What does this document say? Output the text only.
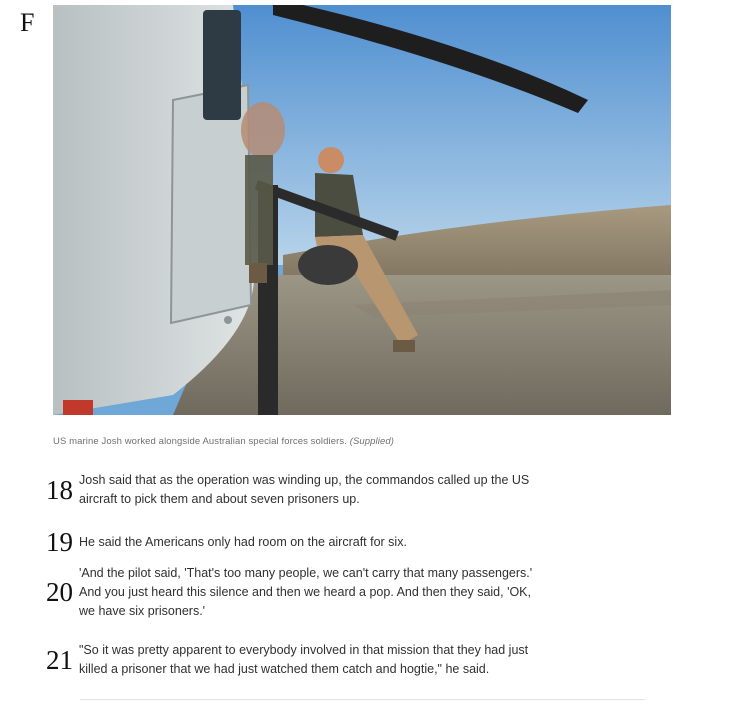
F
US marine Josh worked alongside Australian special forces soldiers. (Supplied)
18 Josh said that as the operation was winding up, the commandos called up the US
aircraft to pick them and about seven prisoners up.
19 He said the Americans only had room on the aircraft for six.
20
'And the pilot said, 'That's too many people, we can't carry that many passengers.'
And you just heard this silence and then we heard a pop. And then they said, 'OK,
we have six prisoners.'
21 "So it was pretty apparent to everybody involved in that mission that they had just
killed a prisoner that we had just watched them catch and hogtie," he said.
